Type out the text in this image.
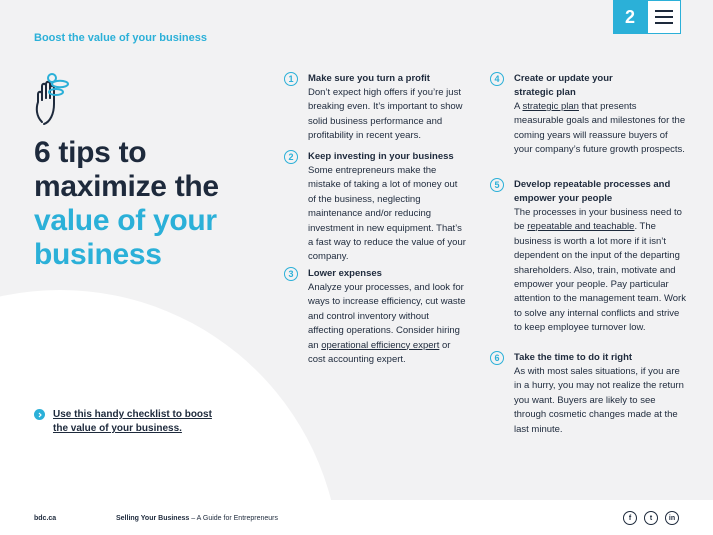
Boost the value of your business
2
6 tips to
maximize the
value of your
business
Use this handy checklist to boost the value of your business.
1	Make sure you turn a profit
Don’t expect high offers if you’re just breaking even. It’s important to show solid business performance and profitability in recent years.
2	Keep investing in your business
Some entrepreneurs make the mistake of taking a lot of money out of the business, neglecting maintenance and/or reducing investment in new equipment. That’s a fast way to reduce the value of your company.
3	Lower expenses
Analyze your processes, and look for ways to increase efficiency, cut waste and control inventory without affecting operations. Consider hiring an operational efficiency expert or cost accounting expert.
4	Create or update your strategic plan
A strategic plan that presents measurable goals and milestones for the coming years will reassure buyers of your company’s future growth prospects.
5	Develop repeatable processes and empower your people
The processes in your business need to be repeatable and teachable. The business is worth a lot more if it isn’t dependent on the input of the departing shareholders. Also, train, motivate and empower your people. Pay particular attention to the management team. Work to solve any internal conflicts and strive to keep employee turnover low.
6	Take the time to do it right
As with most sales situations, if you are in a hurry, you may not realize the return you want. Buyers are likely to see through cosmetic changes made at the last minute.
bdc.ca	Selling Your Business – A Guide for Entrepreneurs	f	t	in
